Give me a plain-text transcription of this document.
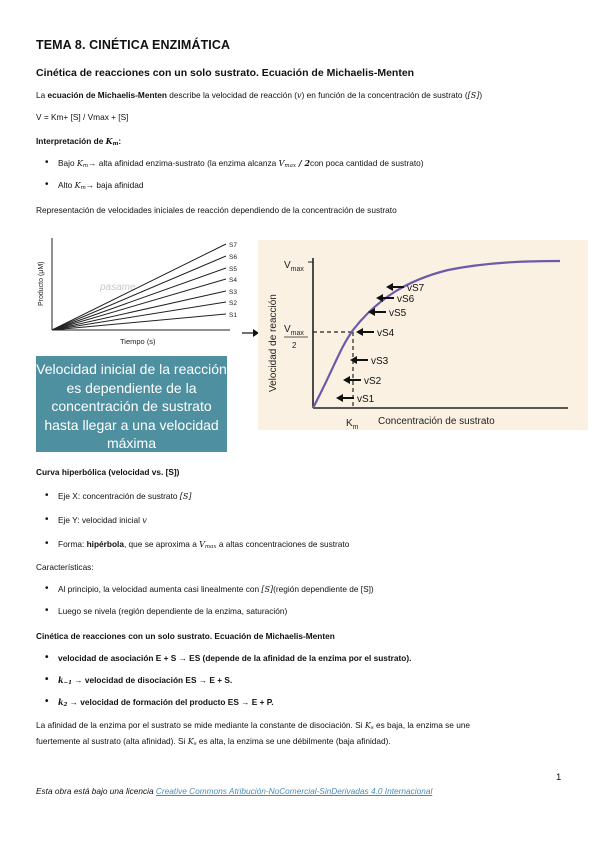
TEMA 8. CINÉTICA ENZIMÁTICA
Cinética de reacciones con un solo sustrato. Ecuación de Michaelis-Menten

La ecuación de Michaelis-Menten describe la velocidad de reacción (v) en función de la concentración de sustrato ([S])

V = Km+ [S] / Vmax + [S]

Interpretación de Km:

• Bajo Km→ alta afinidad enzima-sustrato (la enzima alcanza Vmax / 2con poca cantidad de sustrato)

• Alto Km→ baja afinidad

Representación de velocidades iniciales de reacción dependiendo de la concentración de sustrato

Producto (μM)
Tiempo (s)
pasame
S7
S6
S5
S4
S3
S2
S1
Velocidad inicial de la reacción es dependiente de la concentración de sustrato hasta llegar a una velocidad máxima
Velocidad de reacción
Concentración de sustrato
$V_{max}$
$V_{max}$
2
$K_m$
vS7
vS6
vS5
vS4
vS3
vS2
vS1

Curva hiperbólica (velocidad vs. [S])

• Eje X: concentración de sustrato [S]

• Eje Y: velocidad inicial v

• Forma: hipérbola, que se aproxima a Vmax a altas concentraciones de sustrato

Características:

• Al principio, la velocidad aumenta casi linealmente con [S](región dependiente de [S])

• Luego se nivela (región dependiente de la enzima, saturación)

Cinética de reacciones con un solo sustrato. Ecuación de Michaelis-Menten

• velocidad de asociación E + S → ES (depende de la afinidad de la enzima por el sustrato).

• k−1 → velocidad de disociación ES → E + S.

• k2 → velocidad de formación del producto ES → E + P.

La afinidad de la enzima por el sustrato se mide mediante la constante de disociación. Si Ks es baja, la enzima se une

fuertemente al sustrato (alta afinidad). Si Ks es alta, la enzima se une débilmente (baja afinidad).

1
Esta obra está bajo una licencia Creative Commons Atribución-NoComercial-SinDerivadas 4.0 Internacional
